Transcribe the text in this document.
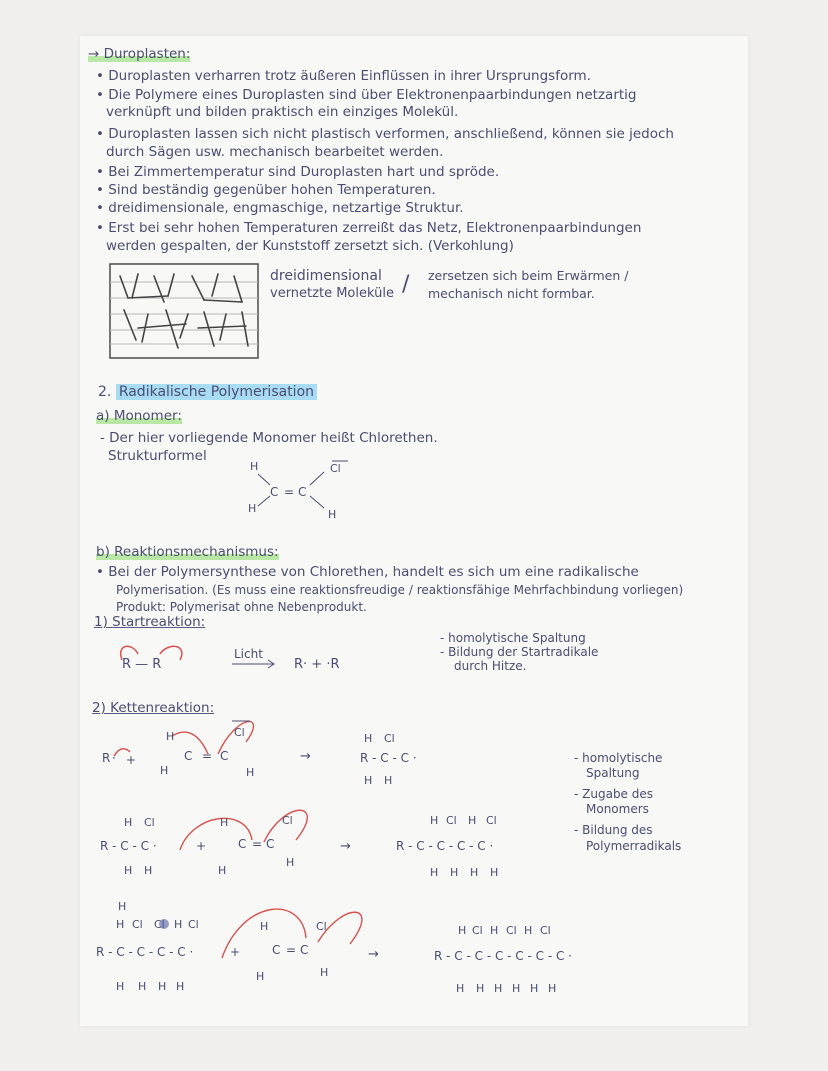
→ Duroplasten:
• Duroplasten verharren trotz äußeren Einflüssen in ihrer Ursprungsform.
• Die Polymere eines Duroplasten sind über Elektronenpaarbindungen netzartig
verknüpft und bilden praktisch ein einziges Molekül.
• Duroplasten lassen sich nicht plastisch verformen, anschließend, können sie jedoch
durch Sägen usw. mechanisch bearbeitet werden.
• Bei Zimmertemperatur sind Duroplasten hart und spröde.
• Sind beständig gegenüber hohen Temperaturen.
• dreidimensionale, engmaschige, netzartige Struktur.
• Erst bei sehr hohen Temperaturen zerreißt das Netz, Elektronenpaarbindungen
werden gespalten, der Kunststoff zersetzt sich. (Verkohlung)
dreidimensional
vernetzte Moleküle / zersetzen sich beim Erwärmen /
mechanisch nicht formbar.
2. Radikalische Polymerisation
a) Monomer:
- Der hier vorliegende Monomer heißt Chlorethen.
Strukturformel
H
H	H
Cl
C = C
b) Reaktionsmechanismus:
• Bei der Polymersynthese von Chlorethen, handelt es sich um eine radikalische
Polymerisation. (Es muss eine reaktionsfreudige / reaktionsfähige Mehrfachbindung vorliegen)
Produkt: Polymerisat ohne Nebenprodukt.
1) Startreaktion:
R — R
Licht
R· + ·R
- homolytische Spaltung
- Bildung der Startradikale
durch Hitze.
2) Kettenreaktion:
R · +
H
H
C = C
Cl
H
→
H Cl
R - C - C ·
H H
H Cl
R - C - C ·
H H
+
H
H
C = C
Cl
H
→
H Cl H Cl
R - C - C - C - C ·
H H H H
- homolytische
Spaltung
- Zugabe des
Monomers
- Bildung des
Polymerradikals
H
H Cl Cl H Cl
R - C - C - C - C ·
H H H H
+
H
H
C = C
Cl
H
→
H Cl H Cl H Cl
R - C - C - C - C - C - C ·
H H H H H H
